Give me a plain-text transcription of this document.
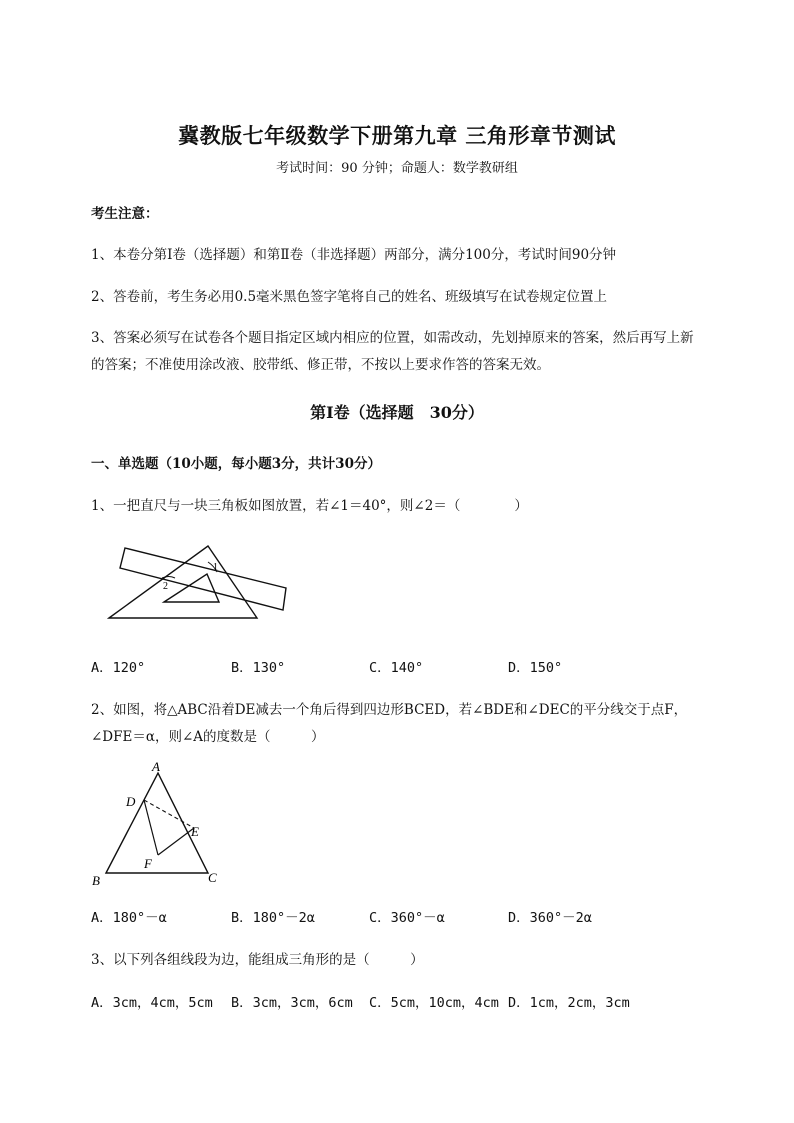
冀教版七年级数学下册第九章 三角形章节测试
考试时间：90 分钟；命题人：数学教研组
考生注意：
1、本卷分第Ⅰ卷（选择题）和第Ⅱ卷（非选择题）两部分，满分100分，考试时间90分钟
2、答卷前，考生务必用0.5毫米黑色签字笔将自己的姓名、班级填写在试卷规定位置上
3、答案必须写在试卷各个题目指定区域内相应的位置，如需改动，先划掉原来的答案，然后再写上新
的答案；不准使用涂改液、胶带纸、修正带，不按以上要求作答的答案无效。
第Ⅰ卷（选择题　30分）
一、单选题（10小题，每小题3分，共计30分）
1、一把直尺与一块三角板如图放置，若∠1＝40°，则∠2＝（　　　　）
1
2
A．120°	B．130°	C．140°	D．150°
2、如图，将△ABC沿着DE减去一个角后得到四边形BCED，若∠BDE和∠DEC的平分线交于点F，
∠DFE＝α，则∠A的度数是（　　　）
A
D
E
F
B	C
A．180°－α	B．180°－2α	C．360°－α	D．360°－2α
3、以下列各组线段为边，能组成三角形的是（　　　）
A．3cm，4cm，5cm B．3cm，3cm，6cm C．5cm，10cm，4cm D．1cm，2cm，3cm
